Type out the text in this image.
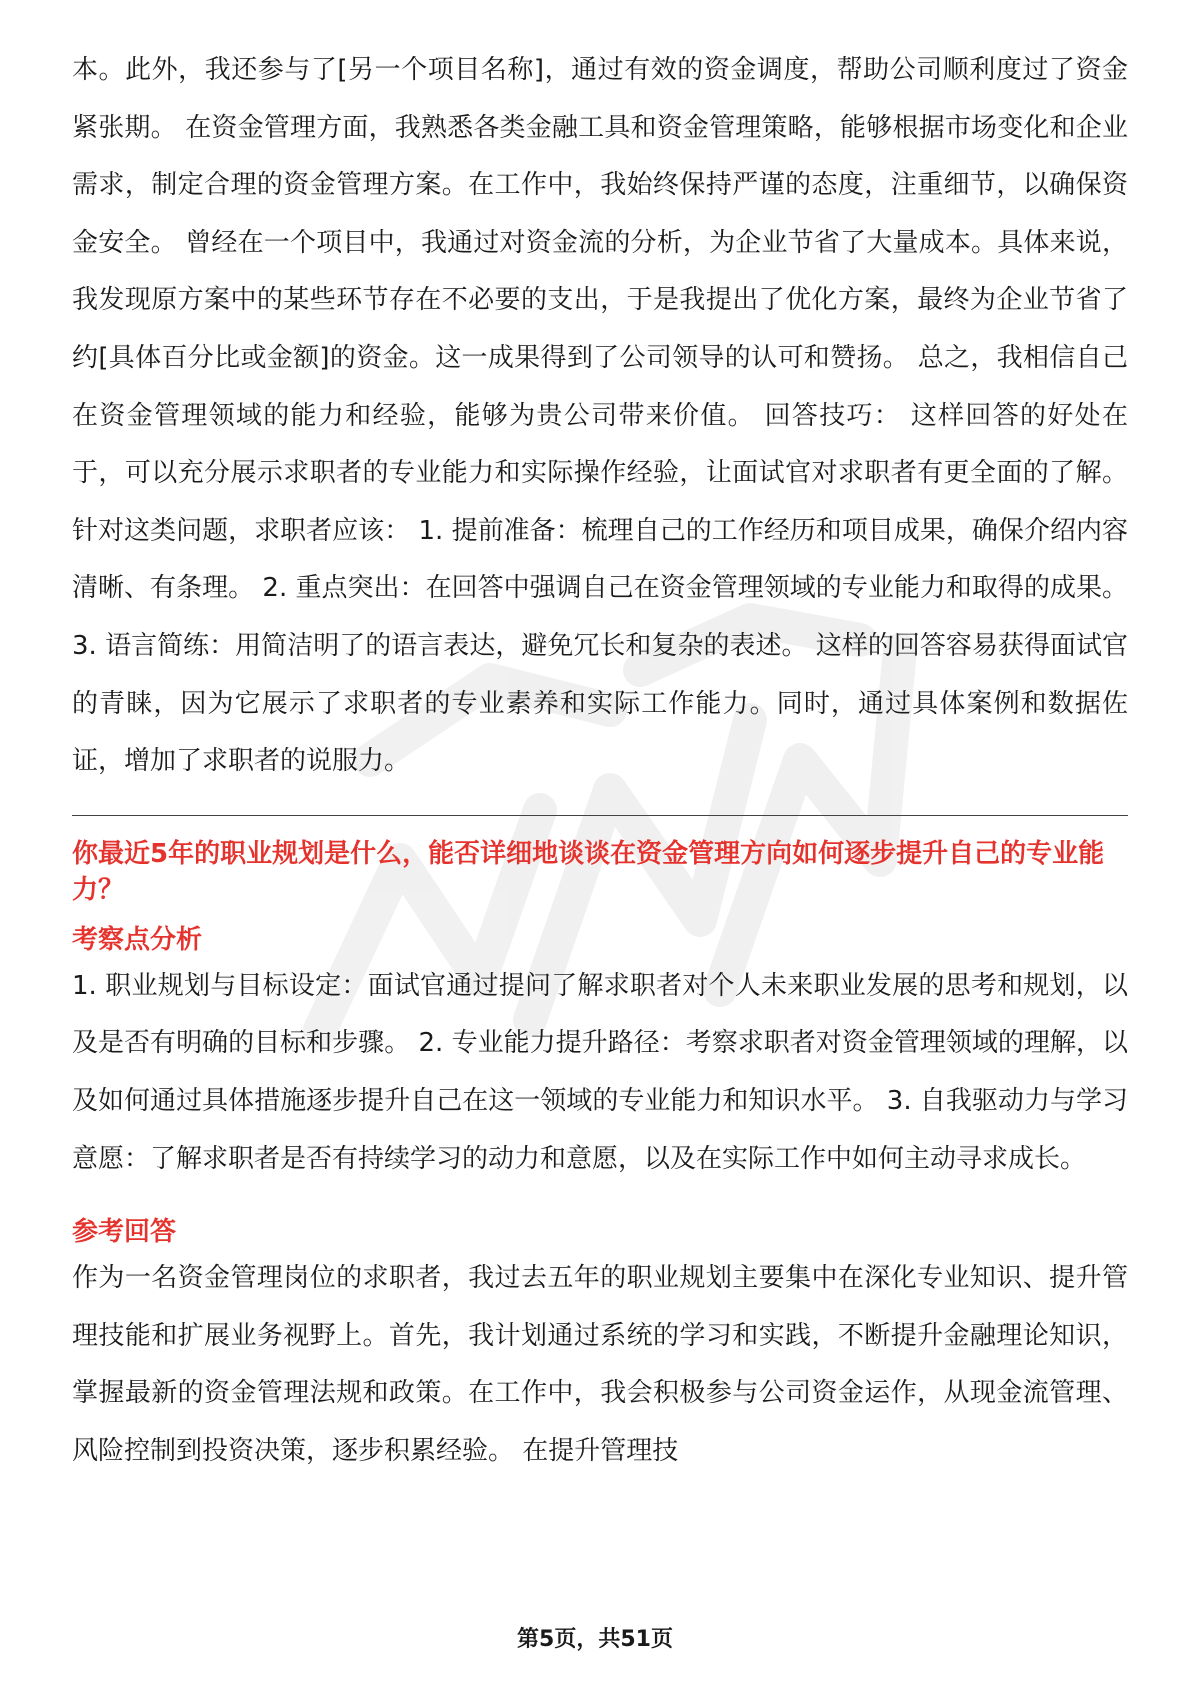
本。此外，我还参与了[另一个项目名称]，通过有效的资金调度，帮助公司顺利度过了资金紧张期。 在资金管理方面，我熟悉各类金融工具和资金管理策略，能够根据市场变化和企业需求，制定合理的资金管理方案。在工作中，我始终保持严谨的态度，注重细节，以确保资金安全。 曾经在一个项目中，我通过对资金流的分析，为企业节省了大量成本。具体来说，我发现原方案中的某些环节存在不必要的支出，于是我提出了优化方案，最终为企业节省了约[具体百分比或金额]的资金。这一成果得到了公司领导的认可和赞扬。 总之，我相信自己在资金管理领域的能力和经验，能够为贵公司带来价值。 回答技巧： 这样回答的好处在于，可以充分展示求职者的专业能力和实际操作经验，让面试官对求职者有更全面的了解。针对这类问题，求职者应该： 1. 提前准备：梳理自己的工作经历和项目成果，确保介绍内容清晰、有条理。 2. 重点突出：在回答中强调自己在资金管理领域的专业能力和取得的成果。 3. 语言简练：用简洁明了的语言表达，避免冗长和复杂的表述。 这样的回答容易获得面试官的青睐，因为它展示了求职者的专业素养和实际工作能力。同时，通过具体案例和数据佐证，增加了求职者的说服力。

你最近5年的职业规划是什么，能否详细地谈谈在资金管理方向如何逐步提升自己的专业能力？

考察点分析

1. 职业规划与目标设定：面试官通过提问了解求职者对个人未来职业发展的思考和规划，以及是否有明确的目标和步骤。 2. 专业能力提升路径：考察求职者对资金管理领域的理解，以及如何通过具体措施逐步提升自己在这一领域的专业能力和知识水平。 3. 自我驱动力与学习意愿：了解求职者是否有持续学习的动力和意愿，以及在实际工作中如何主动寻求成长。

参考回答

作为一名资金管理岗位的求职者，我过去五年的职业规划主要集中在深化专业知识、提升管理技能和扩展业务视野上。首先，我计划通过系统的学习和实践，不断提升金融理论知识，掌握最新的资金管理法规和政策。在工作中，我会积极参与公司资金运作，从现金流管理、风险控制到投资决策，逐步积累经验。 在提升管理技

第5页，共51页
